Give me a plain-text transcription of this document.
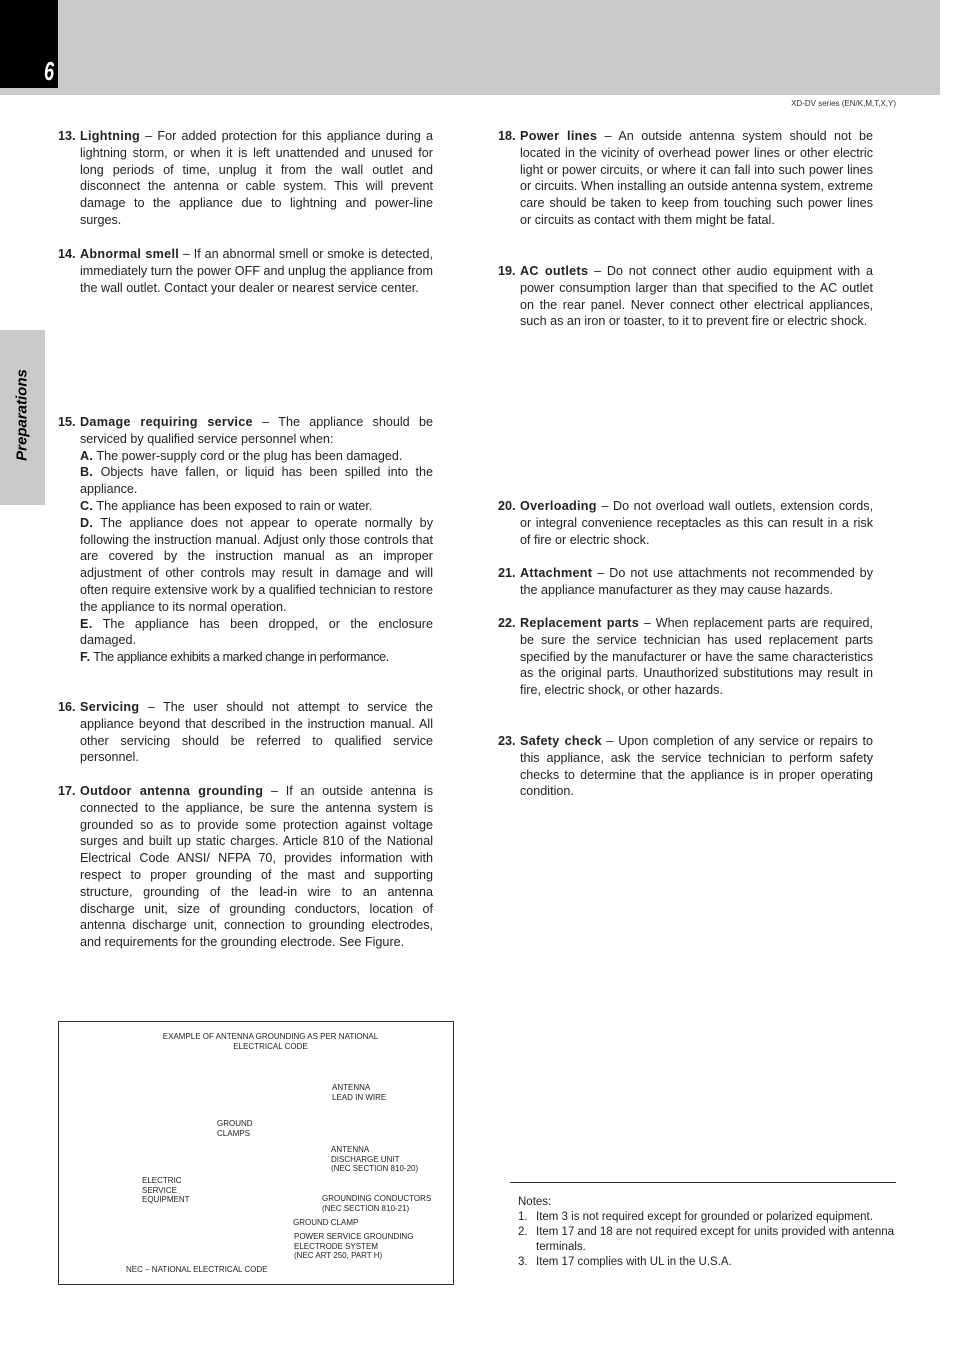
6
XD-DV series (EN/K,M,T,X,Y)
Preparations
13. Lightning – For added protection for this appliance during a lightning storm, or when it is left unattended and unused for long periods of time, unplug it from the wall outlet and disconnect the antenna or cable system. This will prevent damage to the appliance due to lightning and power-line surges.
14. Abnormal smell – If an abnormal smell or smoke is detected, immediately turn the power OFF and unplug the appliance from the wall outlet. Contact your dealer or nearest service center.
15. Damage requiring service – The appliance should be serviced by qualified service personnel when:
A. The power-supply cord or the plug has been damaged.
B. Objects have fallen, or liquid has been spilled into the appliance.
C. The appliance has been exposed to rain or water.
D. The appliance does not appear to operate normally by following the instruction manual. Adjust only those controls that are covered by the instruction manual as an improper adjustment of other controls may result in damage and will often require extensive work by a qualified technician to restore the appliance to its normal operation.
E. The appliance has been dropped, or the enclosure damaged.
F. The appliance exhibits a marked change in performance.
16. Servicing – The user should not attempt to service the appliance beyond that described in the instruction manual. All other servicing should be referred to qualified service personnel.
17. Outdoor antenna grounding – If an outside antenna is connected to the appliance, be sure the antenna system is grounded so as to provide some protection against voltage surges and built up static charges. Article 810 of the National Electrical Code ANSI/ NFPA 70, provides information with respect to proper grounding of the mast and supporting structure, grounding of the lead-in wire to an antenna discharge unit, size of grounding conductors, location of antenna discharge unit, connection to grounding electrodes, and requirements for the grounding electrode. See Figure.
EXAMPLE OF ANTENNA GROUNDING AS PER NATIONAL
ELECTRICAL CODE
ANTENNA
LEAD IN WIRE
GROUND
CLAMPS
ANTENNA
DISCHARGE UNIT
(NEC SECTION 810-20)
ELECTRIC
SERVICE
EQUIPMENT	GROUNDING CONDUCTORS
(NEC SECTION 810-21)
GROUND CLAMP
POWER SERVICE GROUNDING
ELECTRODE SYSTEM
(NEC ART 250, PART H)
NEC – NATIONAL ELECTRICAL CODE
18. Power lines – An outside antenna system should not be located in the vicinity of overhead power lines or other electric light or power circuits, or where it can fall into such power lines or circuits. When installing an outside antenna system, extreme care should be taken to keep from touching such power lines or circuits as contact with them might be fatal.
19. AC outlets – Do not connect other audio equipment with a power consumption larger than that specified to the AC outlet on the rear panel. Never connect other electrical appliances, such as an iron or toaster, to it to prevent fire or electric shock.
20. Overloading – Do not overload wall outlets, extension cords, or integral convenience receptacles as this can result in a risk of fire or electric shock.
21. Attachment – Do not use attachments not recommended by the appliance manufacturer as they may cause hazards.
22. Replacement parts – When replacement parts are required, be sure the service technician has used replacement parts specified by the manufacturer or have the same characteristics as the original parts. Unauthorized substitutions may result in fire, electric shock, or other hazards.
23. Safety check – Upon completion of any service or repairs to this appliance, ask the service technician to perform safety checks to determine that the appliance is in proper operating condition.
Notes:
1. Item 3 is not required except for grounded or polarized equipment.
2. Item 17 and 18 are not required except for units provided with antenna terminals.
3. Item 17 complies with UL in the U.S.A.
